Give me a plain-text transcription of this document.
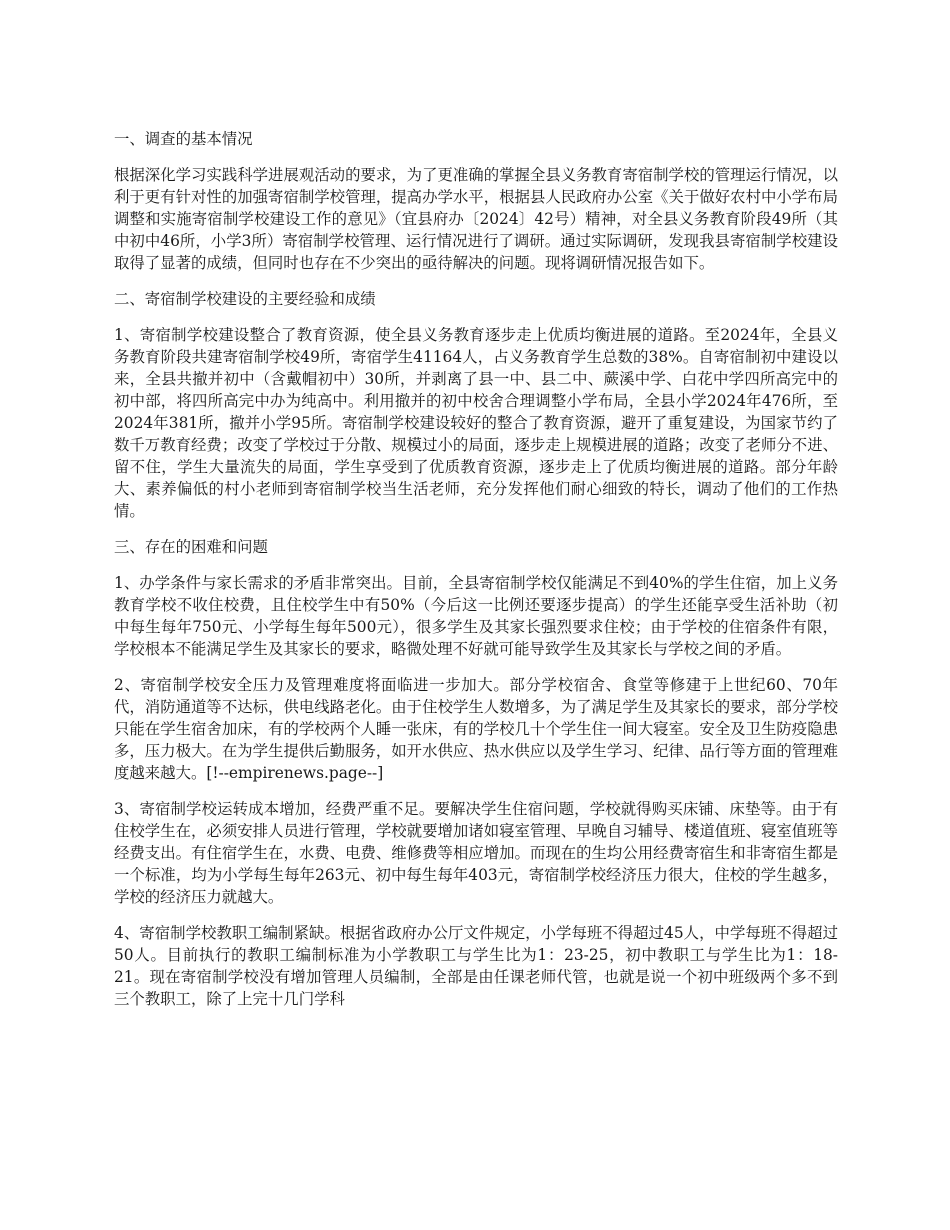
一、调查的基本情况

根据深化学习实践科学进展观活动的要求，为了更准确的掌握全县义务教育寄宿制学校的管理运行情况，以利于更有针对性的加强寄宿制学校管理，提高办学水平，根据县人民政府办公室《关于做好农村中小学布局调整和实施寄宿制学校建设工作的意见》（宜县府办〔2024〕42号）精神，对全县义务教育阶段49所（其中初中46所，小学3所）寄宿制学校管理、运行情况进行了调研。通过实际调研，发现我县寄宿制学校建设取得了显著的成绩，但同时也存在不少突出的亟待解决的问题。现将调研情况报告如下。

二、寄宿制学校建设的主要经验和成绩

1、寄宿制学校建设整合了教育资源，使全县义务教育逐步走上优质均衡进展的道路。至2024年，全县义务教育阶段共建寄宿制学校49所，寄宿学生41164人，占义务教育学生总数的38%。自寄宿制初中建设以来，全县共撤并初中（含戴帽初中）30所，并剥离了县一中、县二中、蕨溪中学、白花中学四所高完中的初中部，将四所高完中办为纯高中。利用撤并的初中校舍合理调整小学布局，全县小学2024年476所，至2024年381所，撤并小学95所。寄宿制学校建设较好的整合了教育资源，避开了重复建设，为国家节约了数千万教育经费；改变了学校过于分散、规模过小的局面，逐步走上规模进展的道路；改变了老师分不进、留不住，学生大量流失的局面，学生享受到了优质教育资源，逐步走上了优质均衡进展的道路。部分年龄大、素养偏低的村小老师到寄宿制学校当生活老师，充分发挥他们耐心细致的特长，调动了他们的工作热情。

三、存在的困难和问题

1、办学条件与家长需求的矛盾非常突出。目前，全县寄宿制学校仅能满足不到40%的学生住宿，加上义务教育学校不收住校费，且住校学生中有50%（今后这一比例还要逐步提高）的学生还能享受生活补助（初中每生每年750元、小学每生每年500元），很多学生及其家长强烈要求住校；由于学校的住宿条件有限，学校根本不能满足学生及其家长的要求，略微处理不好就可能导致学生及其家长与学校之间的矛盾。

2、寄宿制学校安全压力及管理难度将面临进一步加大。部分学校宿舍、食堂等修建于上世纪60、70年代，消防通道等不达标，供电线路老化。由于住校学生人数增多，为了满足学生及其家长的要求，部分学校只能在学生宿舍加床，有的学校两个人睡一张床，有的学校几十个学生住一间大寝室。安全及卫生防疫隐患多，压力极大。在为学生提供后勤服务，如开水供应、热水供应以及学生学习、纪律、品行等方面的管理难度越来越大。[!--empirenews.page--]

3、寄宿制学校运转成本增加，经费严重不足。要解决学生住宿问题，学校就得购买床铺、床垫等。由于有住校学生在，必须安排人员进行管理，学校就要增加诸如寝室管理、早晚自习辅导、楼道值班、寝室值班等经费支出。有住宿学生在，水费、电费、维修费等相应增加。而现在的生均公用经费寄宿生和非寄宿生都是一个标准，均为小学每生每年263元、初中每生每年403元，寄宿制学校经济压力很大，住校的学生越多，学校的经济压力就越大。

4、寄宿制学校教职工编制紧缺。根据省政府办公厅文件规定，小学每班不得超过45人，中学每班不得超过50人。目前执行的教职工编制标准为小学教职工与学生比为1：23-25，初中教职工与学生比为1：18-21。现在寄宿制学校没有增加管理人员编制，全部是由任课老师代管，也就是说一个初中班级两个多不到三个教职工，除了上完十几门学科
